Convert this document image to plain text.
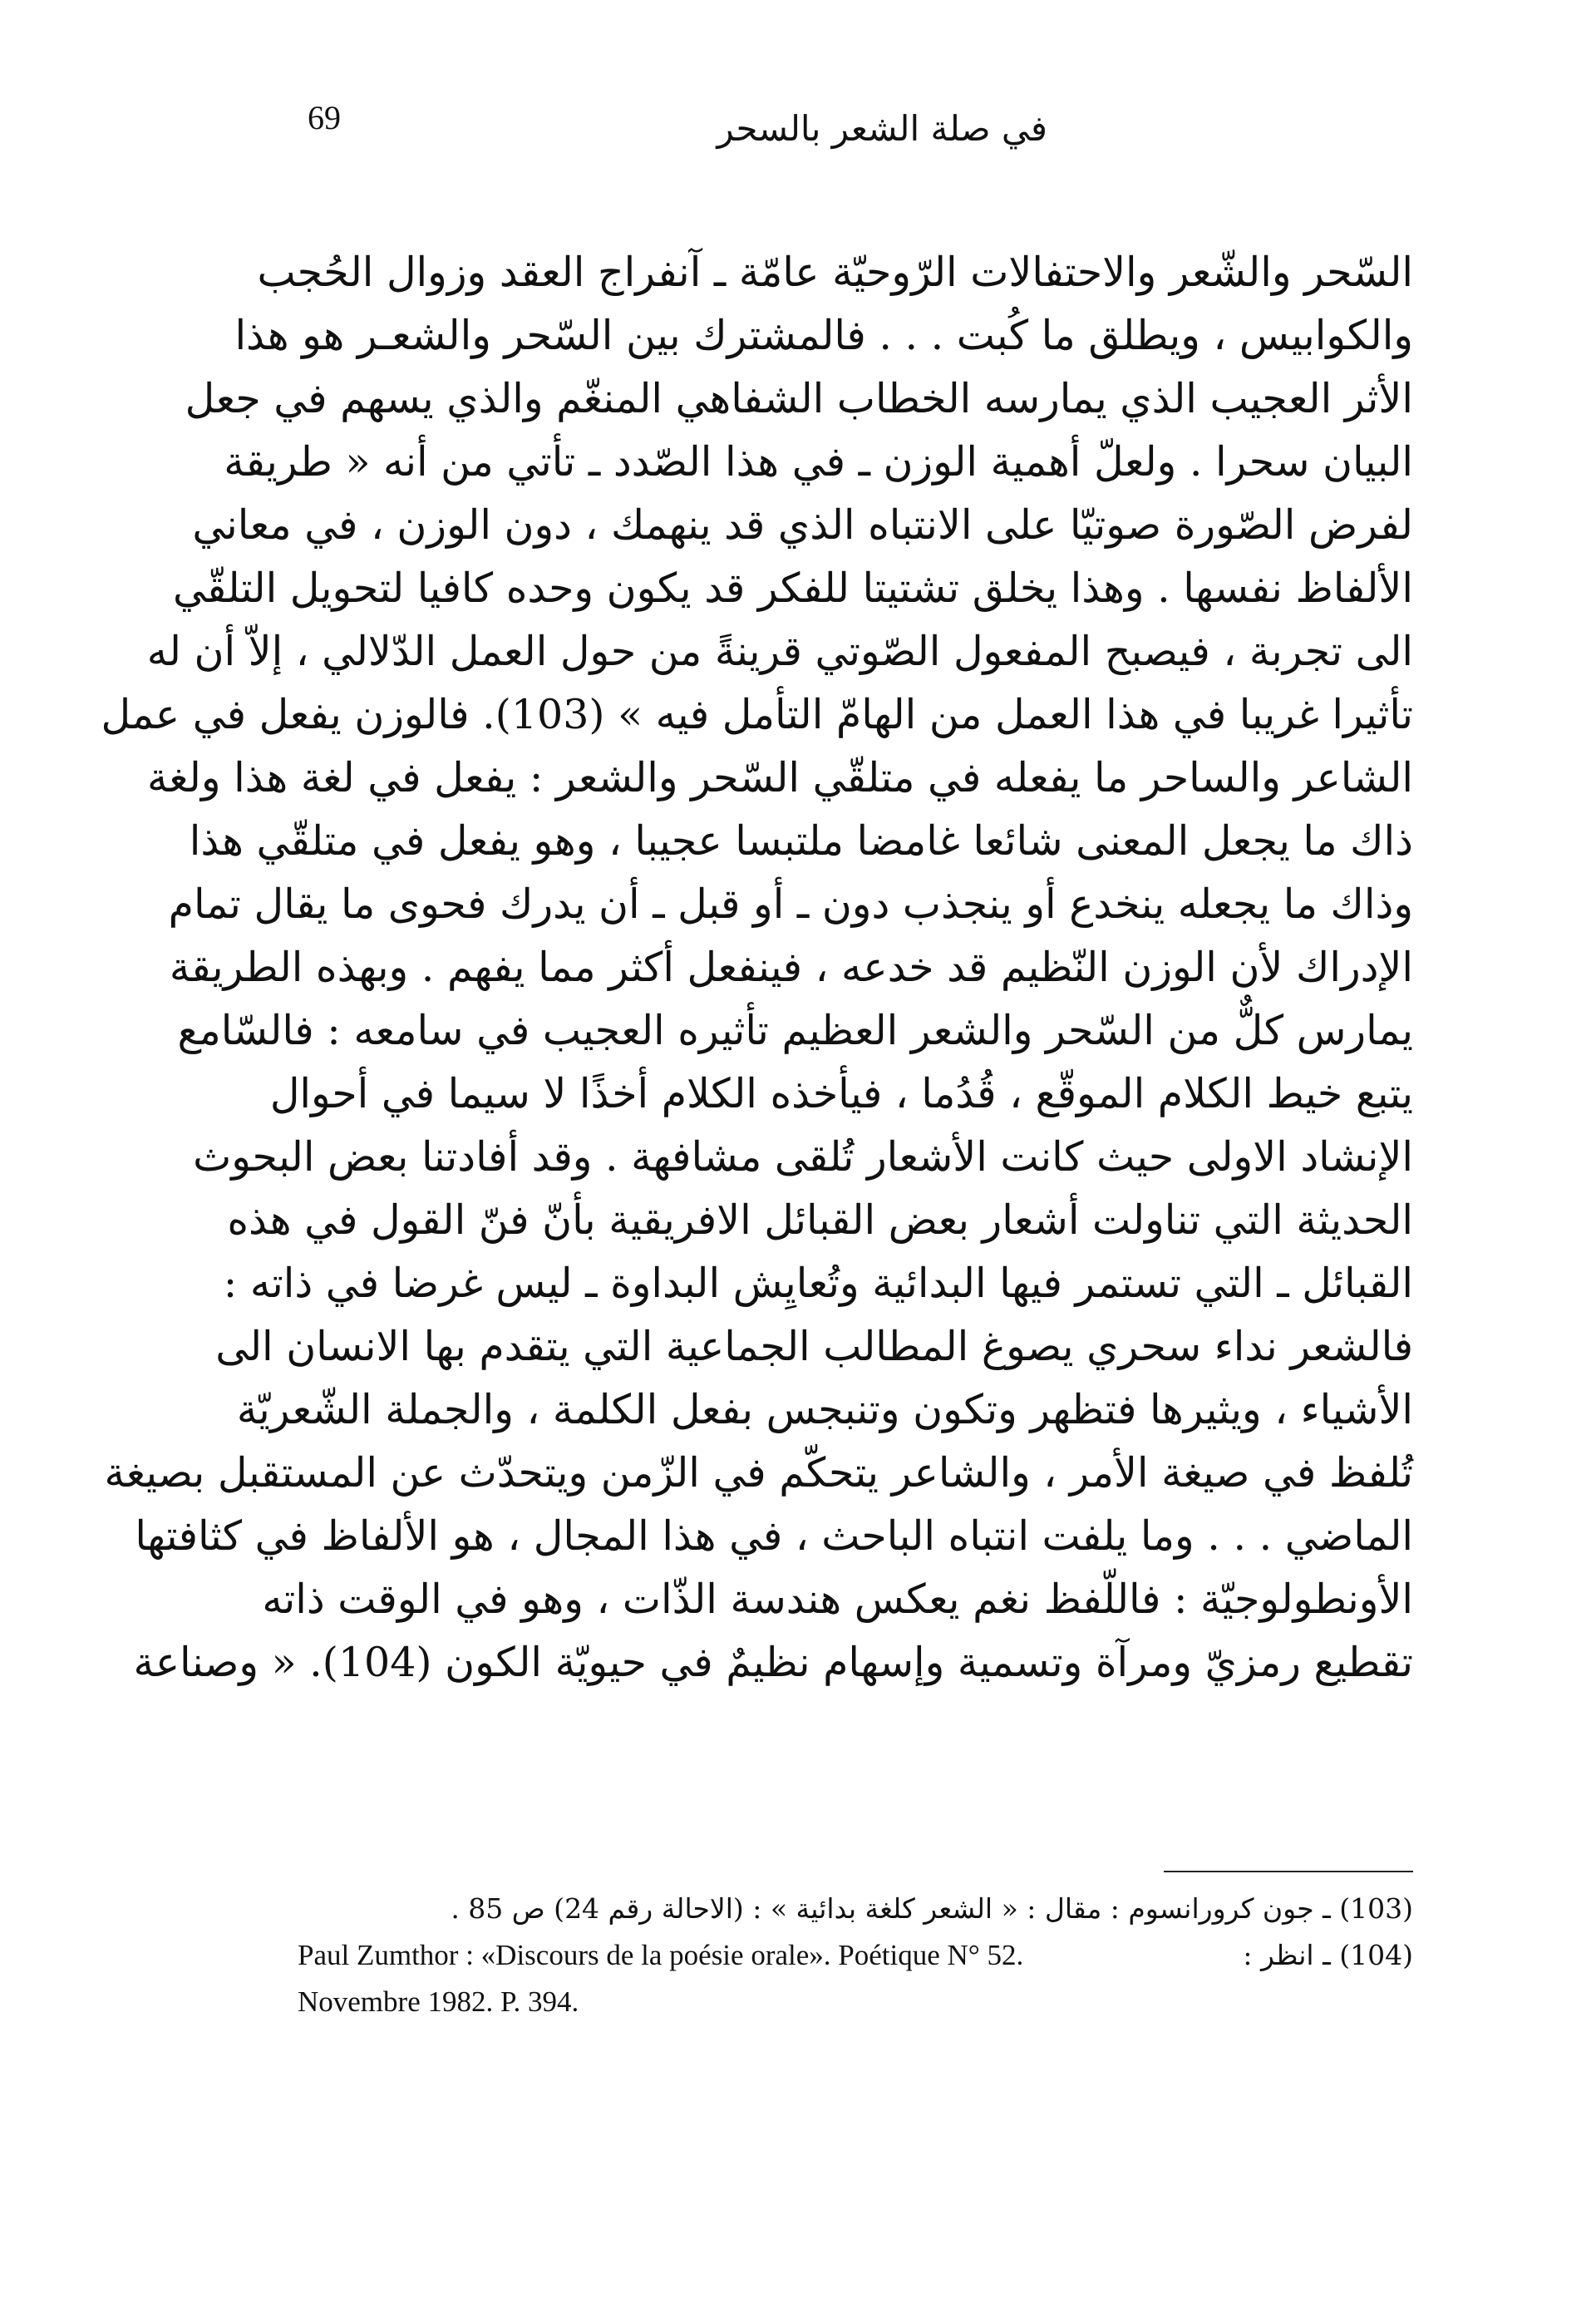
69	في صلة الشعر بالسحر
السّحر والشّعر والاحتفالات الرّوحيّة عامّة ـ آنفراج العقد وزوال الحُجب
والكوابيس ، ويطلق ما كُبت . . . فالمشترك بين السّحر والشعـر هو هذا
الأثر العجيب الذي يمارسه الخطاب الشفاهي المنغّم والذي يسهم في جعل
البيان سحرا . ولعلّ أهمية الوزن ـ في هذا الصّدد ـ تأتي من أنه « طريقة
لفرض الصّورة صوتيّا على الانتباه الذي قد ينهمك ، دون الوزن ، في معاني
الألفاظ نفسها . وهذا يخلق تشتيتا للفكر قد يكون وحده كافيا لتحويل التلقّي
الى تجربة ، فيصبح المفعول الصّوتي قرينةً من حول العمل الدّلالي ، إلاّ أن له
تأثيرا غريبا في هذا العمل من الهامّ التأمل فيه » (103). فالوزن يفعل في عمل
الشاعر والساحر ما يفعله في متلقّي السّحر والشعر : يفعل في لغة هذا ولغة
ذاك ما يجعل المعنى شائعا غامضا ملتبسا عجيبا ، وهو يفعل في متلقّي هذا
وذاك ما يجعله ينخدع أو ينجذب دون ـ أو قبل ـ أن يدرك فحوى ما يقال تمام
الإدراك لأن الوزن النّظيم قد خدعه ، فينفعل أكثر مما يفهم . وبهذه الطريقة
يمارس كلٌّ من السّحر والشعر العظيم تأثيره العجيب في سامعه : فالسّامع
يتبع خيط الكلام الموقّع ، قُدُما ، فيأخذه الكلام أخذًا لا سيما في أحوال
الإنشاد الاولى حيث كانت الأشعار تُلقى مشافهة . وقد أفادتنا بعض البحوث
الحديثة التي تناولت أشعار بعض القبائل الافريقية بأنّ فنّ القول في هذه
القبائل ـ التي تستمر فيها البدائية وتُعايِش البداوة ـ ليس غرضا في ذاته :
فالشعر نداء سحري يصوغ المطالب الجماعية التي يتقدم بها الانسان الى
الأشياء ، ويثيرها فتظهر وتكون وتنبجس بفعل الكلمة ، والجملة الشّعريّة
تُلفظ في صيغة الأمر ، والشاعر يتحكّم في الزّمن ويتحدّث عن المستقبل بصيغة
الماضي . . . وما يلفت انتباه الباحث ، في هذا المجال ، هو الألفاظ في كثافتها
الأونطولوجيّة : فاللّفظ نغم يعكس هندسة الذّات ، وهو في الوقت ذاته
تقطيع رمزيّ ومرآة وتسمية وإسهام نظيمٌ في حيويّة الكون (104). « وصناعة
(103) ـ جون كرورانسوم : مقال : « الشعر كلغة بدائية » : (الاحالة رقم 24) ص 85 .
Paul Zumthor : «Discours de la poésie orale». Poétique N° 52.	(104) ـ انظر :
Novembre 1982. P. 394.
